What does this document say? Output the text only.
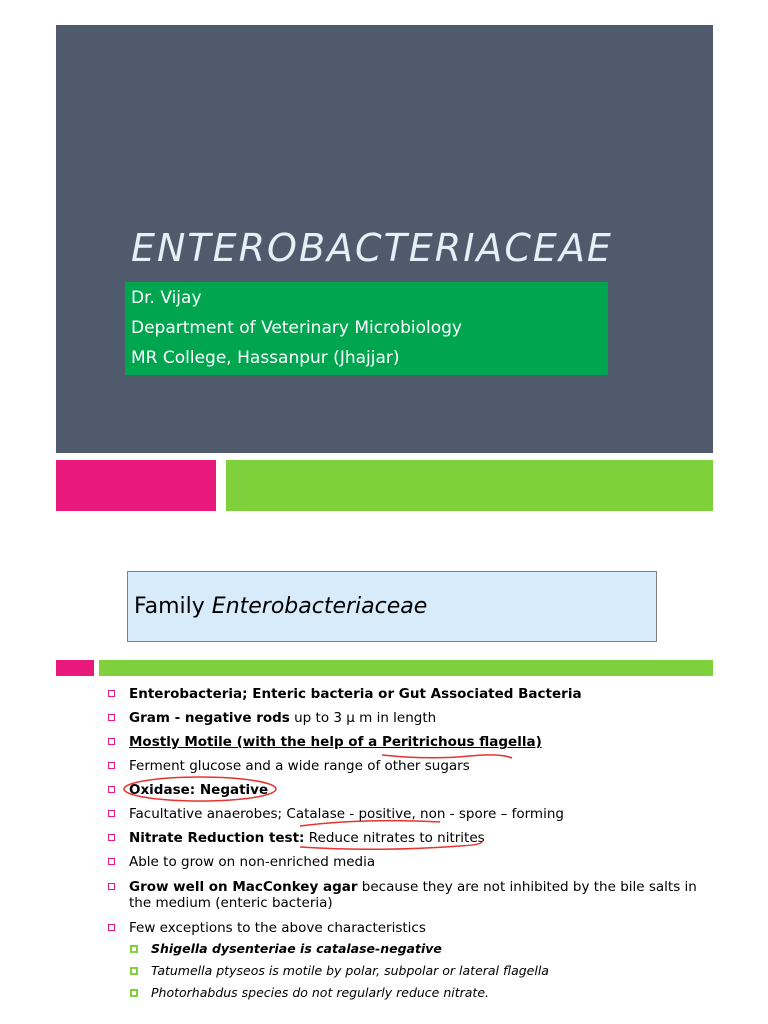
ENTEROBACTERIACEAE
Dr. Vijay
Department of Veterinary Microbiology
MR College, Hassanpur (Jhajjar)
Family Enterobacteriaceae
Enterobacteria; Enteric bacteria or Gut Associated Bacteria
Gram - negative rods up to 3 μ m in length
Mostly Motile (with the help of a Peritrichous flagella)
Ferment glucose and a wide range of other sugars
Oxidase: Negative
Facultative anaerobes; Catalase - positive, non - spore – forming
Nitrate Reduction test: Reduce nitrates to nitrites
Able to grow on non-enriched media
Grow well on MacConkey agar because they are not inhibited by the bile salts in the medium (enteric bacteria)
Few exceptions to the above characteristics
Shigella dysenteriae is catalase-negative
Tatumella ptyseos is motile by polar, subpolar or lateral flagella
Photorhabdus species do not regularly reduce nitrate.
